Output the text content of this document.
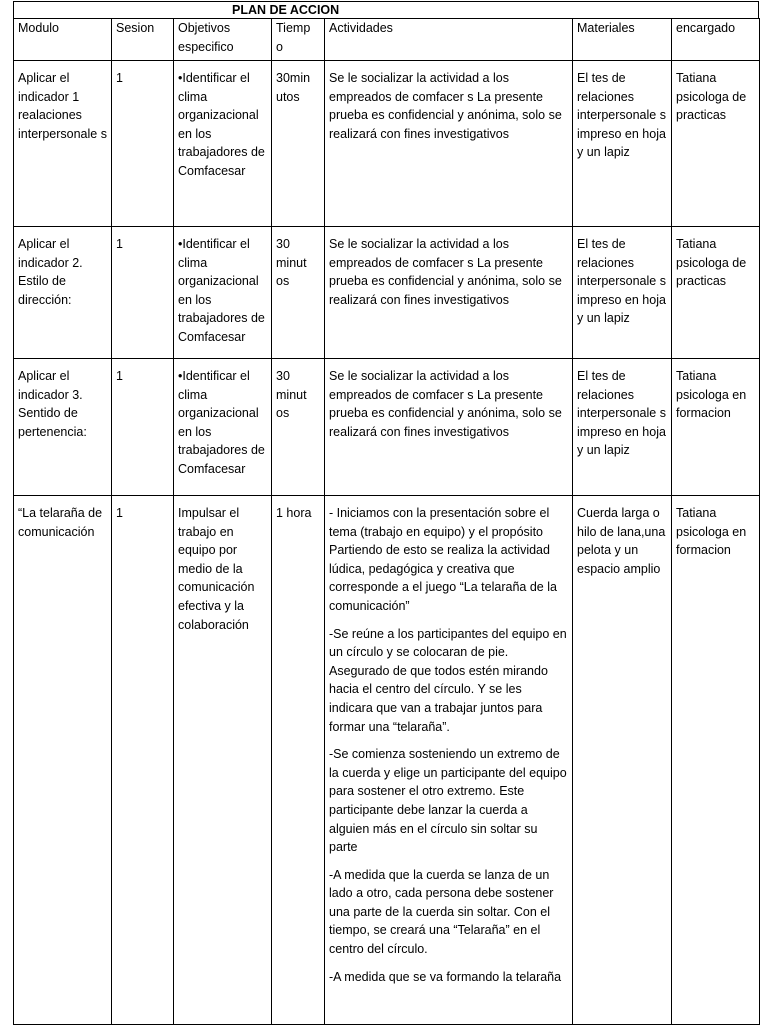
PLAN DE ACCION
Modulo	Sesion	Objetivos especifico	Tiemp o	Actividades	Materiales	encargado
Aplicar el indicador 1 realaciones interpersonale s	1	•Identificar el clima organizacional en los trabajadores de Comfacesar	30min utos	Se le socializar la actividad a los empreados de comfacer s La presente prueba es confidencial y anónima, solo se realizará con fines investigativos	El tes de relaciones interpersonale s impreso en hoja y un lapiz	Tatiana psicologa de practicas
Aplicar el indicador 2. Estilo de dirección:	1	•Identificar el clima organizacional en los trabajadores de Comfacesar	30 minut os	Se le socializar la actividad a los empreados de comfacer s La presente prueba es confidencial y anónima, solo se realizará con fines investigativos	El tes de relaciones interpersonale s impreso en hoja y un lapiz	Tatiana psicologa de practicas
Aplicar el indicador 3. Sentido de pertenencia:	1	•Identificar el clima organizacional en los trabajadores de Comfacesar	30 minut os	Se le socializar la actividad a los empreados de comfacer s La presente prueba es confidencial y anónima, solo se realizará con fines investigativos	El tes de relaciones interpersonale s impreso en hoja y un lapiz	Tatiana psicologa en formacion
“La telaraña de comunicación	1	Impulsar el trabajo en equipo por medio de la comunicación efectiva y la colaboración	1 hora	- Iniciamos con la presentación sobre el tema (trabajo en equipo) y el propósito Partiendo de esto se realiza la actividad lúdica, pedagógica y creativa que corresponde a el juego “La telaraña de la comunicación”

-Se reúne a los participantes del equipo en un círculo y se colocaran de pie. Asegurado de que todos estén mirando hacia el centro del círculo. Y se les indicara que van a trabajar juntos para formar una “telaraña”.

-Se comienza sosteniendo un extremo de la cuerda y elige un participante del equipo para sostener el otro extremo. Este participante debe lanzar la cuerda a alguien más en el círculo sin soltar su parte

-A medida que la cuerda se lanza de un lado a otro, cada persona debe sostener una parte de la cuerda sin soltar. Con el tiempo, se creará una “Telaraña” en el centro del círculo.

-A medida que se va formando la telaraña	Cuerda larga o hilo de lana,una pelota y un espacio amplio	Tatiana psicologa en formacion
